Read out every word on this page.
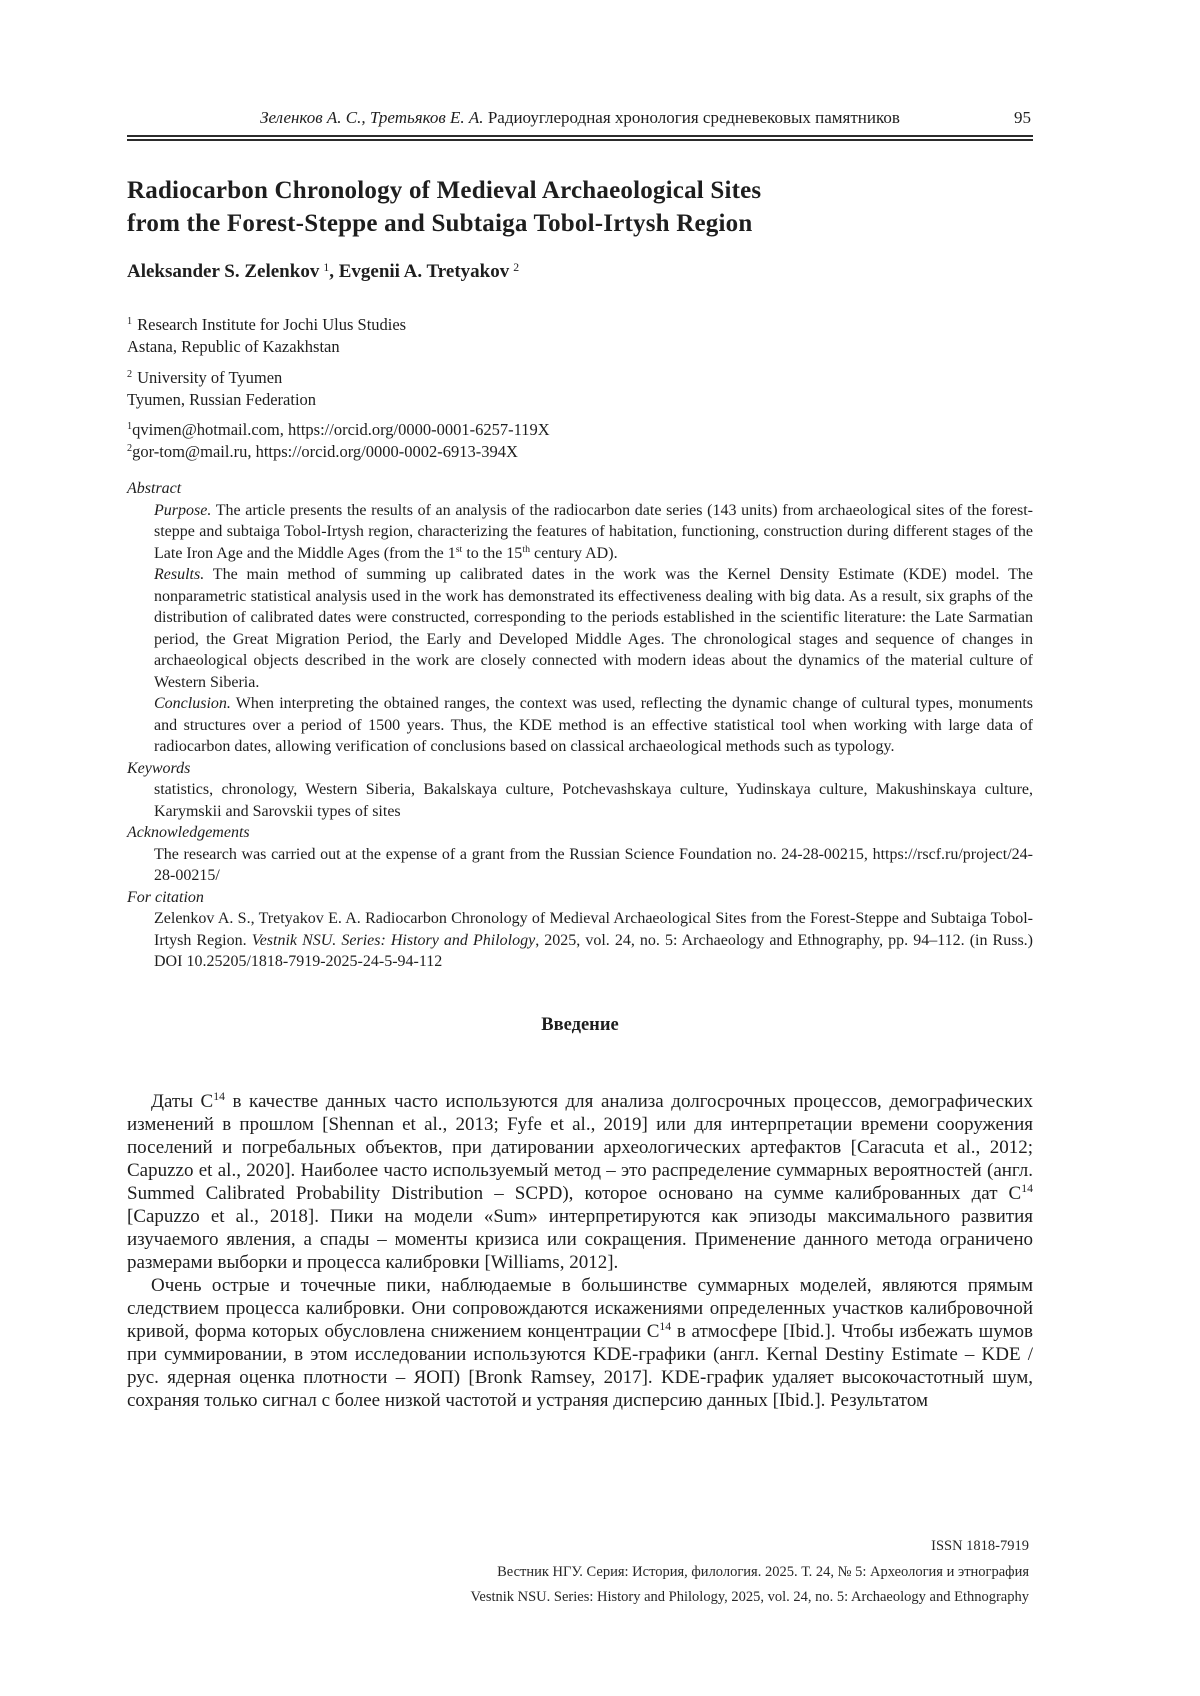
Зеленков А. С., Третьяков Е. А. Радиоуглеродная хронология средневековых памятников	95
Radiocarbon Chronology of Medieval Archaeological Sites
from the Forest-Steppe and Subtaiga Tobol-Irtysh Region

Aleksander S. Zelenkov $^1$, Evgenii A. Tretyakov $^2$

$^1$ Research Institute for Jochi Ulus Studies
Astana, Republic of Kazakhstan

$^2$ University of Tyumen
Tyumen, Russian Federation

$^1$qvimen@hotmail.com, https://orcid.org/0000-0001-6257-119X
$^2$gor-tom@mail.ru, https://orcid.org/0000-0002-6913-394X

Abstract

Purpose. The article presents the results of an analysis of the radiocarbon date series (143 units) from archaeological sites of the forest-steppe and subtaiga Tobol-Irtysh region, characterizing the features of habitation, functioning, construction during different stages of the Late Iron Age and the Middle Ages (from the 1st to the 15th century AD).

Results. The main method of summing up calibrated dates in the work was the Kernel Density Estimate (KDE) model. The nonparametric statistical analysis used in the work has demonstrated its effectiveness dealing with big data. As a result, six graphs of the distribution of calibrated dates were constructed, corresponding to the periods established in the scientific literature: the Late Sarmatian period, the Great Migration Period, the Early and Developed Middle Ages. The chronological stages and sequence of changes in archaeological objects described in the work are closely connected with modern ideas about the dynamics of the material culture of Western Siberia.

Conclusion. When interpreting the obtained ranges, the context was used, reflecting the dynamic change of cultural types, monuments and structures over a period of 1500 years. Thus, the KDE method is an effective statistical tool when working with large data of radiocarbon dates, allowing verification of conclusions based on classical archaeological methods such as typology.

Keywords

statistics, chronology, Western Siberia, Bakalskaya culture, Potchevashskaya culture, Yudinskaya culture, Makushinskaya culture, Karymskii and Sarovskii types of sites

Acknowledgements

The research was carried out at the expense of a grant from the Russian Science Foundation no. 24-28-00215, https://rscf.ru/project/24-28-00215/

For citation

Zelenkov A. S., Tretyakov E. A. Radiocarbon Chronology of Medieval Archaeological Sites from the Forest-Steppe and Subtaiga Tobol-Irtysh Region. Vestnik NSU. Series: History and Philology, 2025, vol. 24, no. 5: Archaeology and Ethnography, pp. 94–112. (in Russ.) DOI 10.25205/1818-7919-2025-24-5-94-112

Введение

Даты $C^{14}$ в качестве данных часто используются для анализа долгосрочных процессов, демографических изменений в прошлом [Shennan et al., 2013; Fyfe et al., 2019] или для интерпретации времени сооружения поселений и погребальных объектов, при датировании археологических артефактов [Caracuta et al., 2012; Capuzzo et al., 2020]. Наиболее часто используемый метод – это распределение суммарных вероятностей (англ. Summed Calibrated Probability Distribution – SCPD), которое основано на сумме калиброванных дат $C^{14}$ [Capuzzo et al., 2018]. Пики на модели «Sum» интерпретируются как эпизоды максимального развития изучаемого явления, а спады – моменты кризиса или сокращения. Применение данного метода ограничено размерами выборки и процесса калибровки [Williams, 2012].

Очень острые и точечные пики, наблюдаемые в большинстве суммарных моделей, являются прямым следствием процесса калибровки. Они сопровождаются искажениями определенных участков калибровочной кривой, форма которых обусловлена снижением концентрации $C^{14}$ в атмосфере [Ibid.]. Чтобы избежать шумов при суммировании, в этом исследовании используются KDE-графики (англ. Kernal Destiny Estimate – KDE / рус. ядерная оценка плотности – ЯОП) [Bronk Ramsey, 2017]. KDE-график удаляет высокочастотный шум, сохраняя только сигнал с более низкой частотой и устраняя дисперсию данных [Ibid.]. Результатом

ISSN 1818-7919
Вестник НГУ. Серия: История, филология. 2025. Т. 24, № 5: Археология и этнография
Vestnik NSU. Series: History and Philology, 2025, vol. 24, no. 5: Archaeology and Ethnography
